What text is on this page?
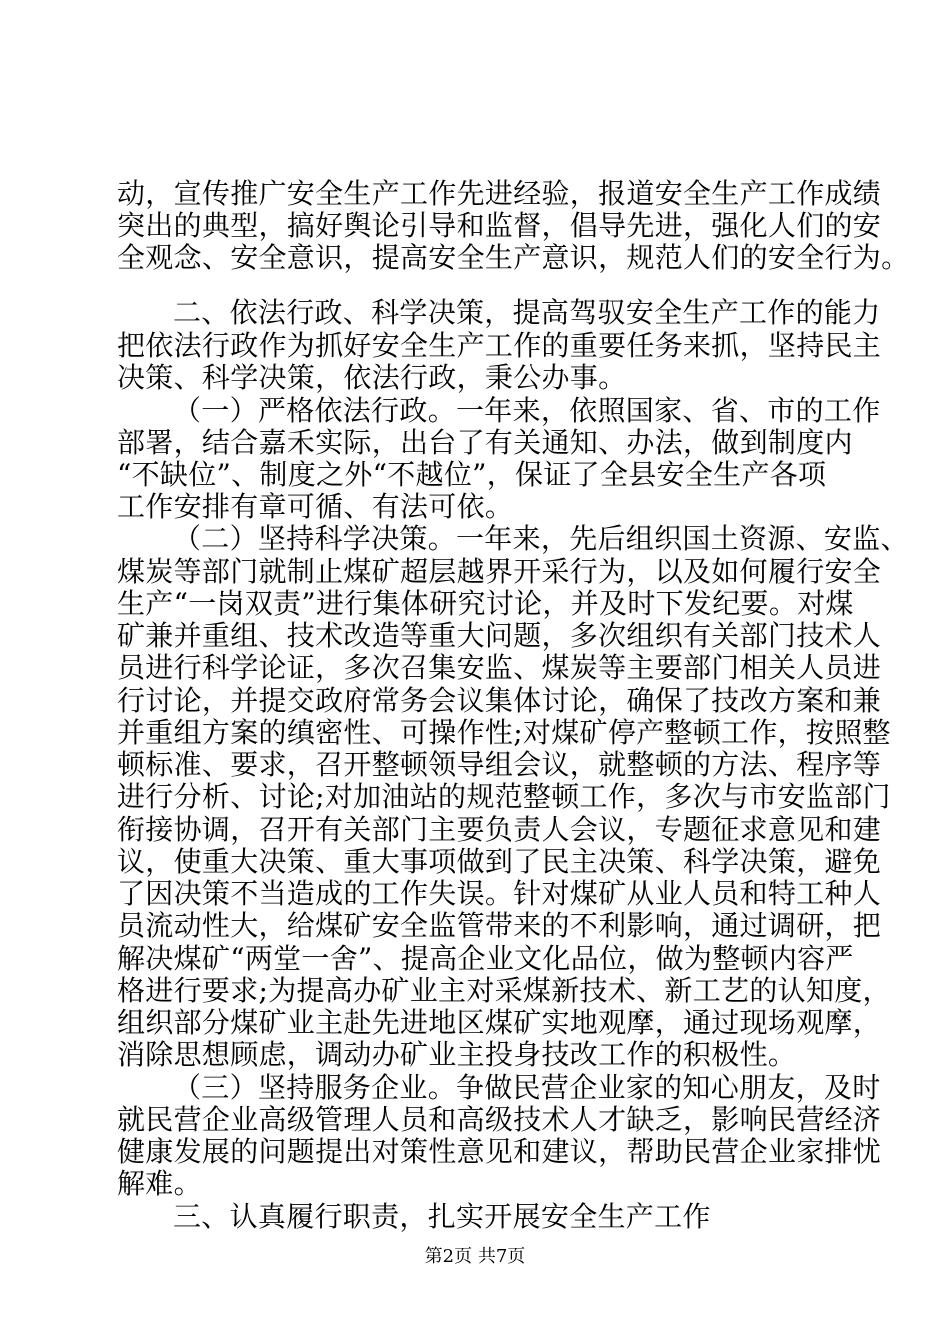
动，宣传推广安全生产工作先进经验，报道安全生产工作成绩
突出的典型，搞好舆论引导和监督，倡导先进，强化人们的安
全观念、安全意识，提高安全生产意识，规范人们的安全行为。
二、依法行政、科学决策，提高驾驭安全生产工作的能力
把依法行政作为抓好安全生产工作的重要任务来抓，坚持民主
决策、科学决策，依法行政，秉公办事。
（一）严格依法行政。一年来，依照国家、省、市的工作
部署，结合嘉禾实际，出台了有关通知、办法，做到制度内
“不缺位”、制度之外“不越位”，保证了全县安全生产各项
工作安排有章可循、有法可依。
（二）坚持科学决策。一年来，先后组织国土资源、安监、
煤炭等部门就制止煤矿超层越界开采行为，以及如何履行安全
生产“一岗双责”进行集体研究讨论，并及时下发纪要。对煤
矿兼并重组、技术改造等重大问题，多次组织有关部门技术人
员进行科学论证，多次召集安监、煤炭等主要部门相关人员进
行讨论，并提交政府常务会议集体讨论，确保了技改方案和兼
并重组方案的缜密性、可操作性;对煤矿停产整顿工作，按照整
顿标准、要求，召开整顿领导组会议，就整顿的方法、程序等
进行分析、讨论;对加油站的规范整顿工作，多次与市安监部门
衔接协调，召开有关部门主要负责人会议，专题征求意见和建
议，使重大决策、重大事项做到了民主决策、科学决策，避免
了因决策不当造成的工作失误。针对煤矿从业人员和特工种人
员流动性大，给煤矿安全监管带来的不利影响，通过调研，把
解决煤矿“两堂一舍”、提高企业文化品位，做为整顿内容严
格进行要求;为提高办矿业主对采煤新技术、新工艺的认知度，
组织部分煤矿业主赴先进地区煤矿实地观摩，通过现场观摩，
消除思想顾虑，调动办矿业主投身技改工作的积极性。
（三）坚持服务企业。争做民营企业家的知心朋友，及时
就民营企业高级管理人员和高级技术人才缺乏，影响民营经济
健康发展的问题提出对策性意见和建议，帮助民营企业家排忧
解难。
三、认真履行职责，扎实开展安全生产工作
第2页 共7页
